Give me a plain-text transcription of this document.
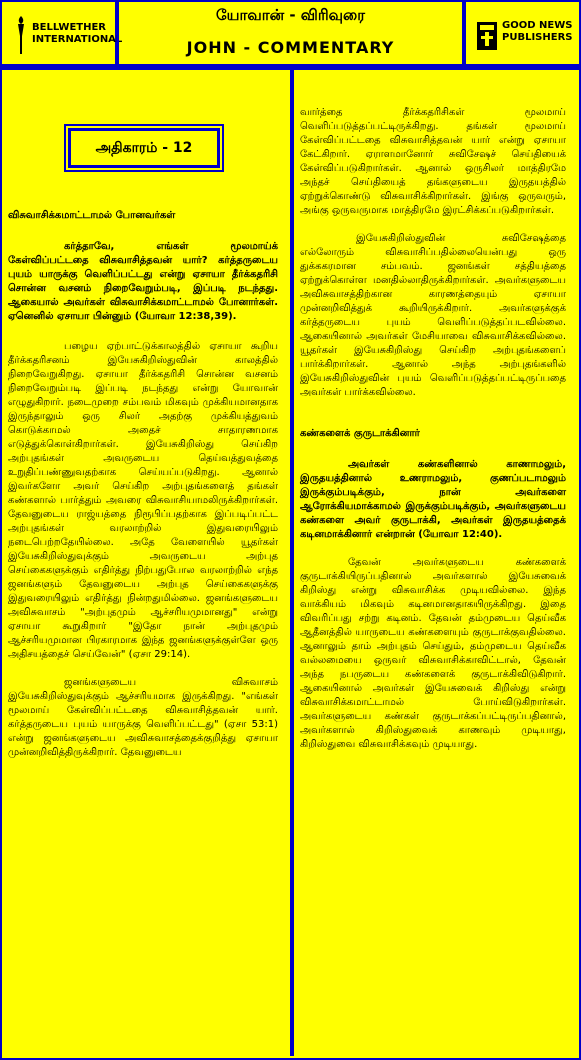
BELLWETHER INTERNATIONAL
யோவான் - விரிவுரை
JOHN - COMMENTARY
GOOD NEWS PUBLISHERS
அதிகாரம் - 12
விசுவாசிக்கமாட்டாமல் போனவர்கள்

கர்த்தாவே, எங்கள் மூலமாய்க் கேள்விப்பட்டதை விசுவாசித்தவன் யார்? கர்த்தருடைய புயம் யாருக்கு வெளிப்பட்டது என்று ஏசாயா தீர்க்கதரிசி சொன்ன வசனம் நிறைவேறும்படி, இப்படி நடந்தது. ஆகையால் அவர்கள் விசுவாசிக்கமாட்டாமல் போனார்கள். ஏனெனில் ஏசாயா பின்னும் (யோவா 12:38,39).

பழைய ஏற்பாட்டுக்காலத்தில் ஏசாயா கூறிய தீர்க்கதரிசனம் இயேசுகிறிஸ்துவின் காலத்தில் நிறைவேறுகிறது. ஏசாயா தீர்க்கதரிசி சொன்ன வசனம் நிறைவேறும்படி இப்படி நடந்தது என்று யோவான் எழுதுகிறார். நடைமுறை சம்பவம் மிகவும் முக்கியமானதாக இருந்தாலும் ஒரு சிலர் அதற்கு முக்கியத்துவம் கொடுக்காமல் அதைச் சாதாரணமாக எடுத்துக்கொள்கிறார்கள். இயேசுகிறிஸ்து செய்கிற அற்புதங்கள் அவருடைய தெய்வத்துவத்தை உறுதிப்பண்ணுவதற்காக செய்யப்படுகிறது. ஆனால் இவர்களோ அவர் செய்கிற அற்புதங்களைத் தங்கள் கண்களால் பார்த்தும் அவரை விசுவாசியாமலிருக்கிறார்கள். தேவனுடைய ராஜ்யத்தை நிரூபிப்பதற்காக இப்படிப்பட்ட அற்புதங்கள் வரலாற்றில் இதுவரையிலும் நடைபெற்றதேயில்லை. அதே வேளையில் யூதர்கள் இயேசுகிறிஸ்துவுக்கும் அவருடைய அற்புத செய்கைகளுக்கும் எதிர்த்து நிற்பதுபோல வரலாற்றில் எந்த ஜனங்களும் தேவனுடைய அற்புத செய்கைகளுக்கு இதுவரையிலும் எதிர்த்து நின்றதுமில்லை. ஜனங்களுடைய அவிசுவாசம் "அற்புதமும் ஆச்சரியமுமானது" என்று ஏசாயா கூறுகிறார் "இதோ நான் அற்புதமும் ஆச்சரியமுமான பிரகாரமாக இந்த ஜனங்களுக்குள்ளே ஒரு அதிசயத்தைச் செய்வேன்" (ஏசா 29:14).

ஜனங்களுடைய விசுவாசம் இயேசுகிறிஸ்துவுக்கும் ஆச்சரியமாக இருக்கிறது. "எங்கள் மூலமாய் கேள்விப்பட்டதை விசுவாசித்தவன் யார். கர்த்தருடைய புயம் யாருக்கு வெளிப்பட்டது" (ஏசா 53:1) என்று ஜனங்களுடைய அவிசுவாசத்தைக்குறித்து ஏசாயா முன்னறிவித்திருக்கிறார். தேவனுடைய

வார்த்தை தீர்க்கதரிசிகள் மூலமாய் வெளிப்படுத்தப்பட்டிருக்கிறது. தங்கள் மூலமாய் கேள்விப்பட்டதை விசுவாசித்தவன் யார் என்று ஏசாயா கேட்கிறார். ஏராளமானோர் சுவிசேஷச் செய்தியைக் கேள்விப்படுகிறார்கள். ஆனால் ஒருசிலர் மாத்திரமே அந்தச் செய்தியைத் தங்களுடைய இருதயத்தில் ஏற்றுக்கொண்டு விசுவாசிக்கிறார்கள். இங்கு ஒருவரும், அங்கு ஒருவருமாக மாத்திரமே இரட்சிக்கப்படுகிறார்கள்.

இயேசுகிறிஸ்துவின் சுவிசேஷத்தை எல்லோரும் விசுவாசிப்பதில்லையென்பது ஒரு துக்ககரமான சம்பவம். ஜனங்கள் சத்தியத்தை ஏற்றுக்கொள்ள மனதில்லாதிருக்கிறார்கள். அவர்களுடைய அவிசுவாசத்திற்கான காரணத்தையும் ஏசாயா முன்னறிவித்துக் கூறியிருக்கிறார். அவர்களுக்குக் கர்த்தருடைய புயம் வெளிப்படுத்தப்படவில்லை. ஆகையினால் அவர்கள் மேசியாவை விசுவாசிக்கவில்லை. யூதர்கள் இயேசுகிறிஸ்து செய்கிற அற்புதங்களைப் பார்க்கிறார்கள். ஆனால் அந்த அற்புதங்களில் இயேசுகிறிஸ்துவின் புயம் வெளிப்படுத்தப்பட்டிருப்பதை அவர்கள் பார்க்கவில்லை.

கண்களைக் குருடாக்கினார்

அவர்கள் கண்களினால் காணாமலும், இருதயத்தினால் உணராமலும், குணப்படாமலும் இருக்கும்படிக்கும், நான் அவர்களை ஆரோக்கியமாக்காமல் இருக்கும்படிக்கும், அவர்களுடைய கண்களை அவர் குருடாக்கி, அவர்கள் இருதயத்தைக் கடினமாக்கினார் என்றான் (யோவா 12:40).

தேவன் அவர்களுடைய கண்களைக் குருடாக்கியிருப்பதினால் அவர்களால் இயேசுவைக் கிறிஸ்து என்று விசுவாசிக்க முடியவில்லை. இந்த வாக்கியம் மிகவும் கடினமானதாகயிருக்கிறது. இதை விவரிப்பது சற்று கடினம். தேவன் தம்முடைய தெய்வீக ஆதீனத்தில் யாருடைய கண்களையும் குருடாக்குவதில்லை. ஆனாலும் தாம் அற்புதம் செய்தும், தம்முடைய தெய்வீக வல்லமையை ஒருவர் விசுவாசிக்காவிட்டால், தேவன் அந்த நபருடைய கண்களைக் குருடாக்கிவிடுகிறார். ஆகையினால் அவர்கள் இயேசுவைக் கிறிஸ்து என்று விசுவாசிக்கமாட்டாமல் போய்விடுகிறார்கள். அவர்களுடைய கண்கள் குருடாக்கப்பட்டிருப்பதினால், அவர்களால் கிறிஸ்துவைக் காணவும் முடியாது, கிறிஸ்துவை விசுவாசிக்கவும் முடியாது.
